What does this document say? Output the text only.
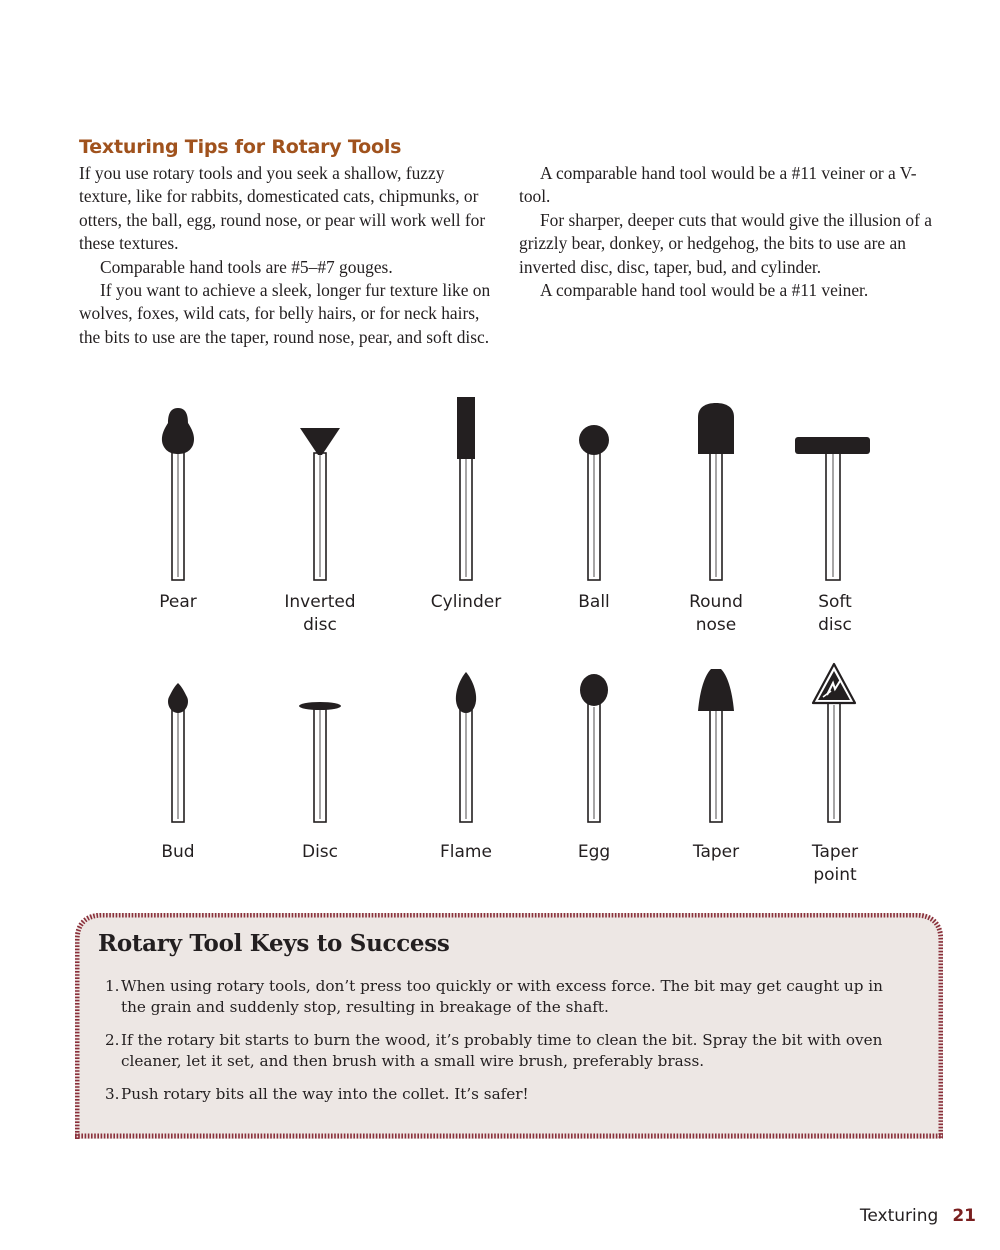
Texturing Tips for Rotary Tools

If you use rotary tools and you seek a shallow, fuzzy texture, like for rabbits, domesticated cats, chipmunks, or otters, the ball, egg, round nose, or pear will work well for these textures.

Comparable hand tools are #5–#7 gouges.

If you want to achieve a sleek, longer fur texture like on wolves, foxes, wild cats, for belly hairs, or for neck hairs, the bits to use are the taper, round nose, pear, and soft disc.

A comparable hand tool would be a #11 veiner or a V-tool.

For sharper, deeper cuts that would give the illusion of a grizzly bear, donkey, or hedgehog, the bits to use are an inverted disc, disc, taper, bud, and cylinder.

A comparable hand tool would be a #11 veiner.

Pear	Inverted
disc
Cylinder	Ball	Round
nose
Soft
disc
Bud	Disc	Flame	Egg	Taper	Taper
point
Rotary Tool Keys to Success
1. When using rotary tools, don’t press too quickly or with excess force. The bit may get caught up in the grain and suddenly stop, resulting in breakage of the shaft.
2. If the rotary bit starts to burn the wood, it’s probably time to clean the bit. Spray the bit with oven cleaner, let it set, and then brush with a small wire brush, preferably brass.
3. Push rotary bits all the way into the collet. It’s safer!
Texturing 21
